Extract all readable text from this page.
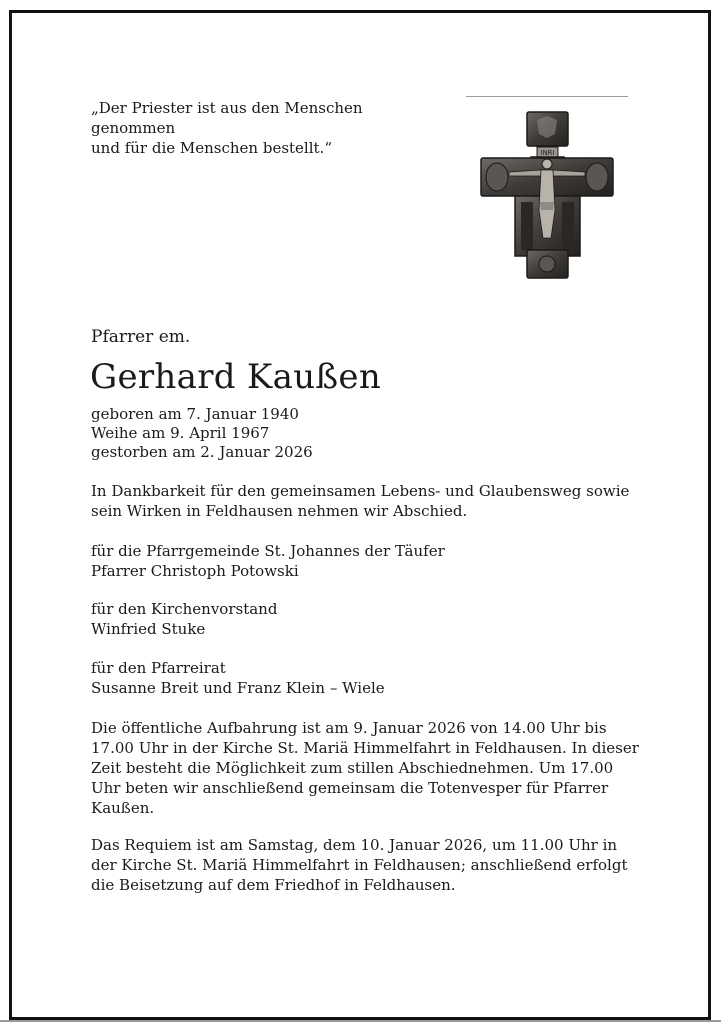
„Der Priester ist aus den Menschen
genommen
und für die Menschen bestellt.“	INRI
Pfarrer em.
Gerhard Kaußen
geboren am 7. Januar 1940
Weihe am 9. April 1967
gestorben am 2. Januar 2026
In Dankbarkeit für den gemeinsamen Lebens- und Glaubensweg sowie
sein Wirken in Feldhausen nehmen wir Abschied.
für die Pfarrgemeinde St. Johannes der Täufer
Pfarrer Christoph Potowski
für den Kirchenvorstand
Winfried Stuke
für den Pfarreirat
Susanne Breit und Franz Klein – Wiele
Die öffentliche Aufbahrung ist am 9. Januar 2026 von 14.00 Uhr bis
17.00 Uhr in der Kirche St. Mariä Himmelfahrt in Feldhausen. In dieser
Zeit besteht die Möglichkeit zum stillen Abschiednehmen. Um 17.00
Uhr beten wir anschließend gemeinsam die Totenvesper für Pfarrer
Kaußen.
Das Requiem ist am Samstag, dem 10. Januar 2026, um 11.00 Uhr in
der Kirche St. Mariä Himmelfahrt in Feldhausen; anschließend erfolgt
die Beisetzung auf dem Friedhof in Feldhausen.
